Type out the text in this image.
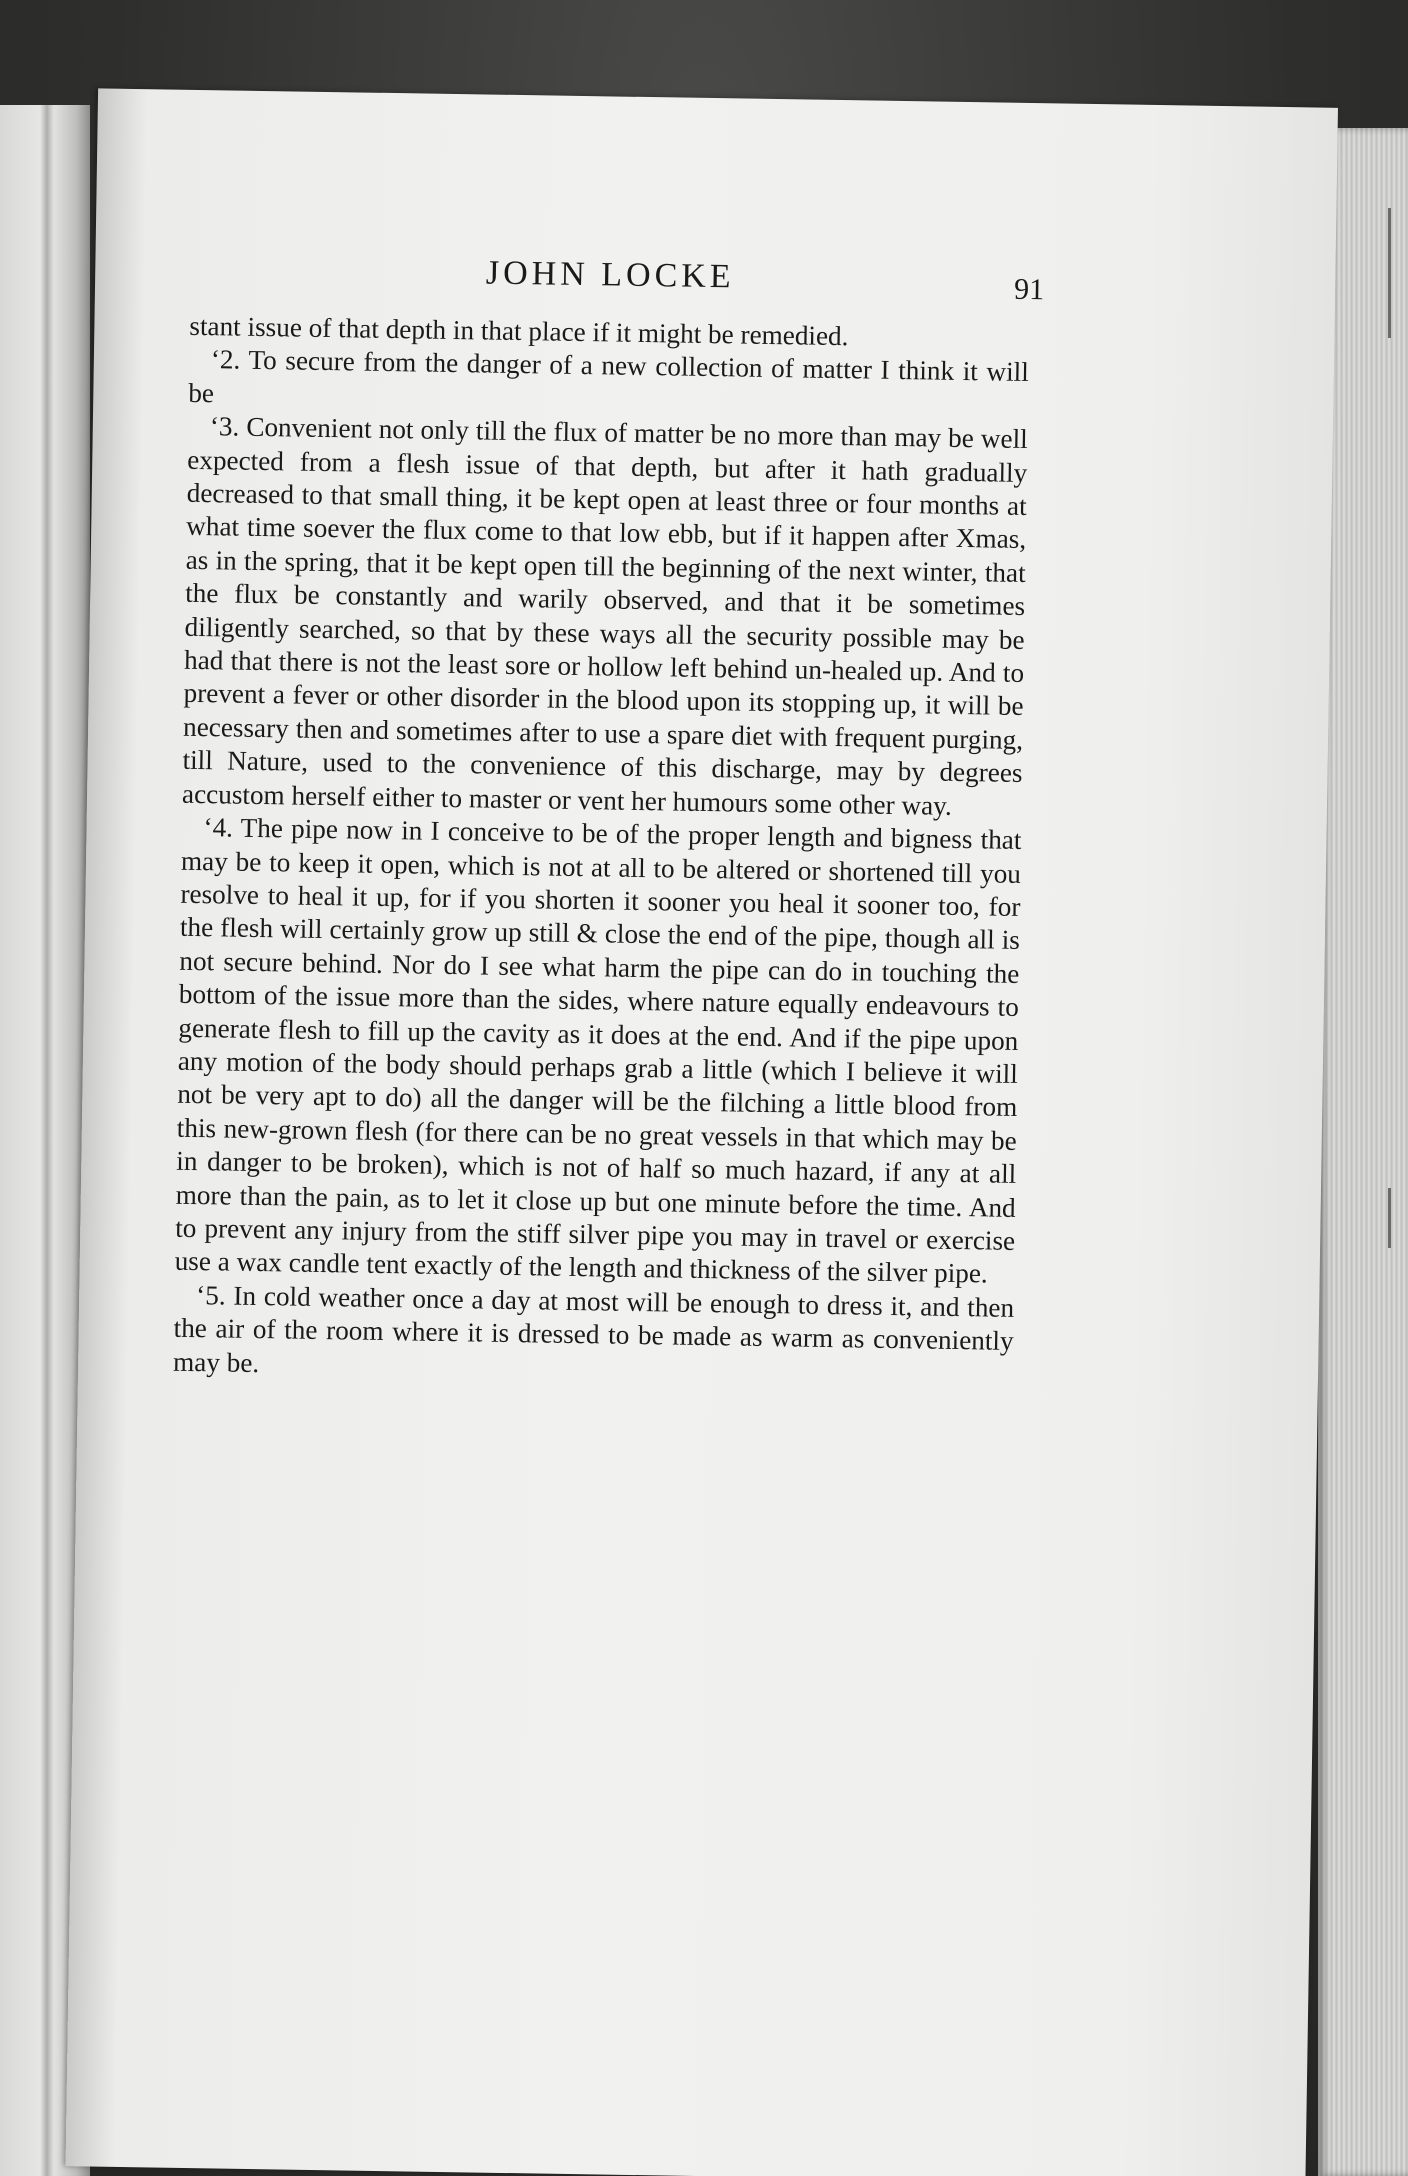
JOHN LOCKE	91

stant issue of that depth in that place if it might be remedied.

‘2. To secure from the danger of a new collection of matter I think it will be

‘3. Convenient not only till the flux of matter be no more than may be well expected from a flesh issue of that depth, but after it hath gradually decreased to that small thing, it be kept open at least three or four months at what time soever the flux come to that low ebb, but if it happen after Xmas, as in the spring, that it be kept open till the beginning of the next winter, that the flux be constantly and warily observed, and that it be sometimes diligently searched, so that by these ways all the security possible may be had that there is not the least sore or hollow left behind un-healed up. And to prevent a fever or other disorder in the blood upon its stopping up, it will be necessary then and sometimes after to use a spare diet with frequent purging, till Nature, used to the convenience of this discharge, may by degrees accustom herself either to master or vent her humours some other way.

‘4. The pipe now in I conceive to be of the proper length and bigness that may be to keep it open, which is not at all to be altered or shortened till you resolve to heal it up, for if you shorten it sooner you heal it sooner too, for the flesh will certainly grow up still & close the end of the pipe, though all is not secure behind. Nor do I see what harm the pipe can do in touching the bottom of the issue more than the sides, where nature equally endeavours to generate flesh to fill up the cavity as it does at the end. And if the pipe upon any motion of the body should perhaps grab a little (which I believe it will not be very apt to do) all the danger will be the filching a little blood from this new-grown flesh (for there can be no great vessels in that which may be in danger to be broken), which is not of half so much hazard, if any at all more than the pain, as to let it close up but one minute before the time. And to prevent any injury from the stiff silver pipe you may in travel or exercise use a wax candle tent exactly of the length and thickness of the silver pipe.

‘5. In cold weather once a day at most will be enough to dress it, and then the air of the room where it is dressed to be made as warm as conveniently may be.
